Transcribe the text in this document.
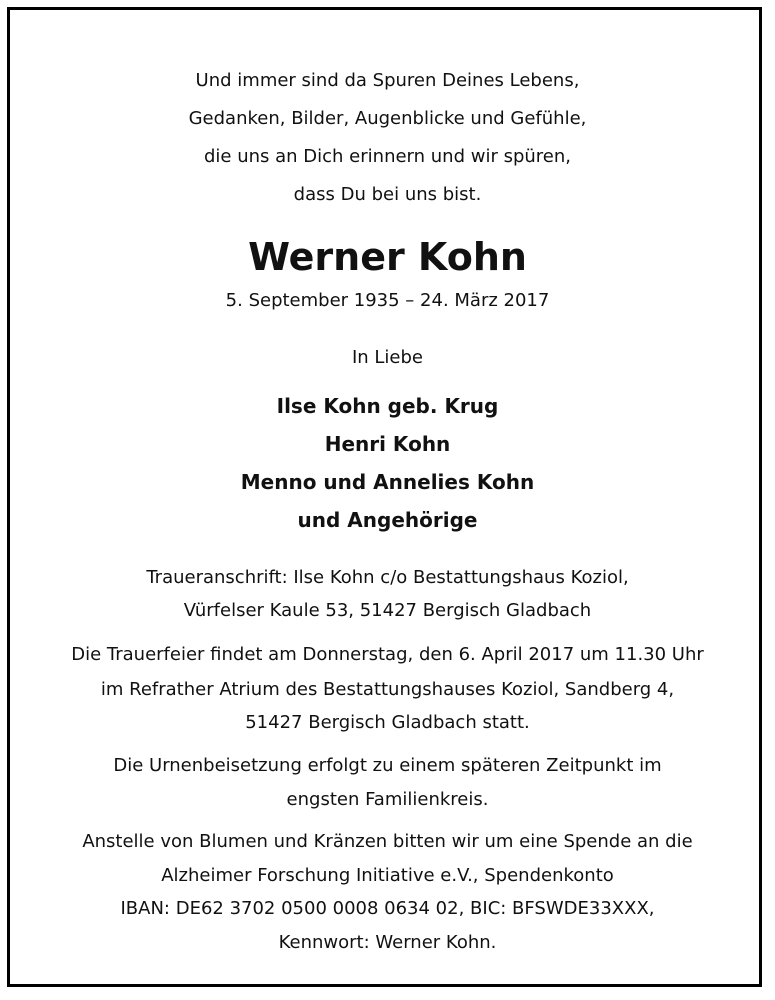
Und immer sind da Spuren Deines Lebens,
Gedanken, Bilder, Augenblicke und Gefühle,
die uns an Dich erinnern und wir spüren,
dass Du bei uns bist.
Werner Kohn
5. September 1935 – 24. März 2017
In Liebe
Ilse Kohn geb. Krug
Henri Kohn
Menno und Annelies Kohn
und Angehörige
Traueranschrift: Ilse Kohn c/o Bestattungshaus Koziol,
Vürfelser Kaule 53, 51427 Bergisch Gladbach
Die Trauerfeier findet am Donnerstag, den 6. April 2017 um 11.30 Uhr
im Refrather Atrium des Bestattungshauses Koziol, Sandberg 4,
51427 Bergisch Gladbach statt.
Die Urnenbeisetzung erfolgt zu einem späteren Zeitpunkt im
engsten Familienkreis.
Anstelle von Blumen und Kränzen bitten wir um eine Spende an die
Alzheimer Forschung Initiative e.V., Spendenkonto
IBAN: DE62 3702 0500 0008 0634 02, BIC: BFSWDE33XXX,
Kennwort: Werner Kohn.
